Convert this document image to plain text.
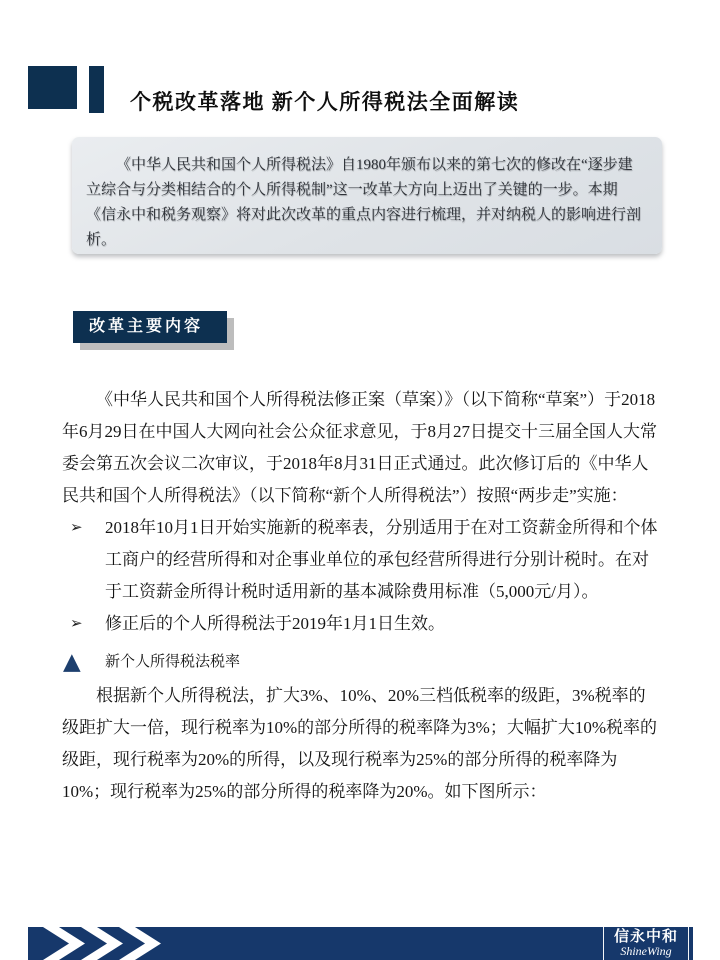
个税改革落地 新个人所得税法全面解读

《中华人民共和国个人所得税法》自1980年颁布以来的第七次的修改在“逐步建立综合与分类相结合的个人所得税制”这一改革大方向上迈出了关键的一步。本期《信永中和税务观察》将对此次改革的重点内容进行梳理，并对纳税人的影响进行剖析。

改革主要内容

《中华人民共和国个人所得税法修正案（草案）》（以下简称“草案”）于2018年6月29日在中国人大网向社会公众征求意见，于8月27日提交十三届全国人大常委会第五次会议二次审议，于2018年8月31日正式通过。此次修订后的《中华人民共和国个人所得税法》（以下简称“新个人所得税法”）按照“两步走”实施：

➢	2018年10月1日开始实施新的税率表，分别适用于在对工资薪金所得和个体工商户的经营所得和对企事业单位的承包经营所得进行分别计税时。在对于工资薪金所得计税时适用新的基本减除费用标准（5,000元/月）。
➢	修正后的个人所得税法于2019年1月1日生效。
▲	新个人所得税法税率

根据新个人所得税法，扩大3%、10%、20%三档低税率的级距，3%税率的级距扩大一倍，现行税率为10%的部分所得的税率降为3%；大幅扩大10%税率的级距，现行税率为20%的所得，以及现行税率为25%的部分所得的税率降为10%；现行税率为25%的部分所得的税率降为20%。如下图所示：

信永中和
ShineWing
